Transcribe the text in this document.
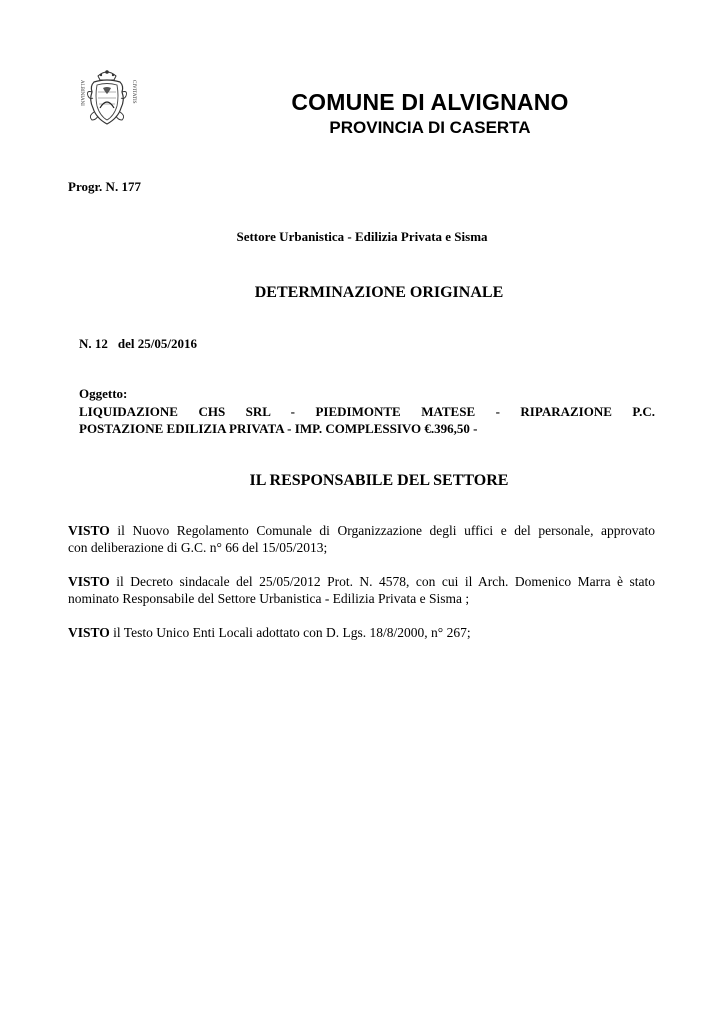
ALBINIANI	CIVITATIS	COMUNE DI ALVIGNANO
PROVINCIA DI CASERTA
Progr. N. 177
Settore Urbanistica - Edilizia Privata e Sisma
DETERMINAZIONE ORIGINALE
N. 12 del 25/05/2016
Oggetto:
LIQUIDAZIONE CHS SRL - PIEDIMONTE MATESE - RIPARAZIONE P.C.
POSTAZIONE EDILIZIA PRIVATA - IMP. COMPLESSIVO €.396,50 -
IL RESPONSABILE DEL SETTORE
VISTO il Nuovo Regolamento Comunale di Organizzazione degli uffici e del personale, approvato
con deliberazione di G.C. n° 66 del 15/05/2013;
VISTO il Decreto sindacale del 25/05/2012 Prot. N. 4578, con cui il Arch. Domenico Marra è stato
nominato Responsabile del Settore Urbanistica - Edilizia Privata e Sisma ;
VISTO il Testo Unico Enti Locali adottato con D. Lgs. 18/8/2000, n° 267;
